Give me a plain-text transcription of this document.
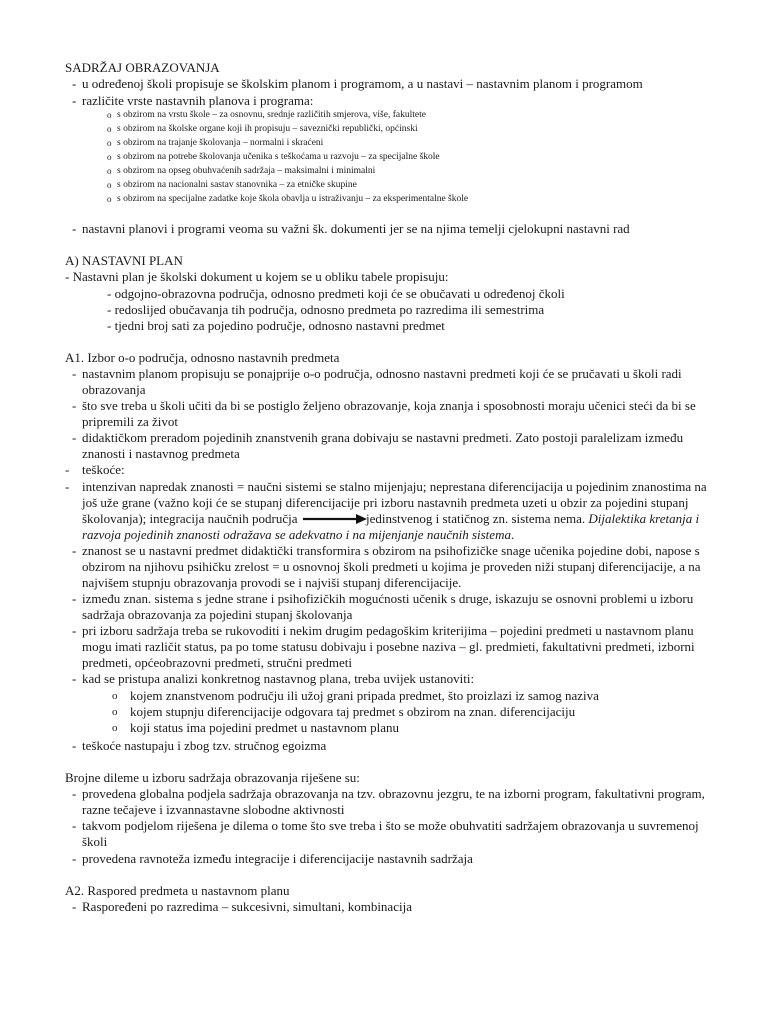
SADRŽAJ OBRAZOVANJA
- u određenoj školi propisuje se školskim planom i programom, a u nastavi – nastavnim planom i programom
- različite vrste nastavnih planova i programa:
o s obzirom na vrstu škole – za osnovnu, srednje različitih smjerova, više, fakultete
o s obzirom na školske organe koji ih propisuju – saveznički republički, općinski
o s obzirom na trajanje školovanja – normalni i skraćeni
o s obzirom na potrebe školovanja učenika s teškoćama u razvoju – za specijalne škole
o s obzirom na opseg obuhvaćenih sadržaja – maksimalni i minimalni
o s obzirom na nacionalni sastav stanovnika – za etničke skupine
o s obzirom na specijalne zadatke koje škola obavlja u istraživanju – za eksperimentalne škole
- nastavni planovi i programi veoma su važni šk. dokumenti jer se na njima temelji cjelokupni nastavni rad
A) NASTAVNI PLAN
- Nastavni plan je školski dokument u kojem se u obliku tabele propisuju:
- odgojno-obrazovna područja, odnosno predmeti koji će se obučavati u određenoj čkoli
- redoslijed obučavanja tih područja, odnosno predmeta po razredima ili semestrima
- tjedni broj sati za pojedino područje, odnosno nastavni predmet
A1. Izbor o-o područja, odnosno nastavnih predmeta
- nastavnim planom propisuju se ponajprije o-o područja, odnosno nastavni predmeti koji će se pručavati u školi radi
obrazovanja
- što sve treba u školi učiti da bi se postiglo željeno obrazovanje, koja znanja i sposobnosti moraju učenici steći da bi se
pripremili za život
- didaktičkom preradom pojedinih znanstvenih grana dobivaju se nastavni predmeti. Zato postoji paralelizam između
znanosti i nastavnog predmeta
- teškoće:
- intenzivan napredak znanosti = naučni sistemi se stalno mijenjaju; neprestana diferencijacija u pojedinim znanostima na
još uže grane (važno koji će se stupanj diferencijacije pri izboru nastavnih predmeta uzeti u obzir za pojedini stupanj
školovanja); integracija naučnih područja	jedinstvenog i statičnog zn. sistema nema. Dijalektika kretanja i
razvoja pojedinih znanosti odražava se adekvatno i na mijenjanje naučnih sistema.
- znanost se u nastavni predmet didaktički transformira s obzirom na psihofizičke snage učenika pojedine dobi, napose s
obzirom na njihovu psihičku zrelost = u osnovnoj školi predmeti u kojima je proveden niži stupanj diferencijacije, a na
najvišem stupnju obrazovanja provodi se i najviši stupanj diferencijacije.
- između znan. sistema s jedne strane i psihofizičkih mogućnosti učenik s druge, iskazuju se osnovni problemi u izboru
sadržaja obrazovanja za pojedini stupanj školovanja
- pri izboru sadržaja treba se rukovoditi i nekim drugim pedagoškim kriterijima – pojedini predmeti u nastavnom planu
mogu imati različit status, pa po tome statusu dobivaju i posebne naziva – gl. predmieti, fakultativni predmeti, izborni
predmeti, općeobrazovni predmeti, stručni predmeti
- kad se pristupa analizi konkretnog nastavnog plana, treba uvijek ustanoviti:
o kojem znanstvenom području ili užoj grani pripada predmet, što proizlazi iz samog naziva
o kojem stupnju diferencijacije odgovara taj predmet s obzirom na znan. diferencijaciju
o koji status ima pojedini predmet u nastavnom planu
- teškoće nastupaju i zbog tzv. stručnog egoizma
Brojne dileme u izboru sadržaja obrazovanja riješene su:
- provedena globalna podjela sadržaja obrazovanja na tzv. obrazovnu jezgru, te na izborni program, fakultativni program,
razne tečajeve i izvannastavne slobodne aktivnosti
- takvom podjelom riješena je dilema o tome što sve treba i što se može obuhvatiti sadržajem obrazovanja u suvremenoj
školi
- provedena ravnoteža između integracije i diferencijacije nastavnih sadržaja
A2. Raspored predmeta u nastavnom planu
- Raspoređeni po razredima – sukcesivni, simultani, kombinacija
